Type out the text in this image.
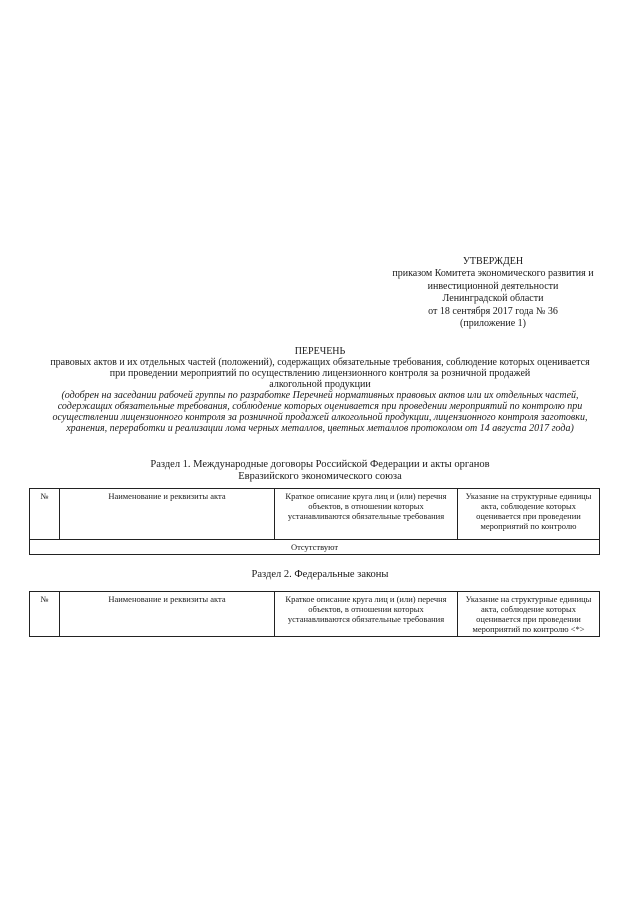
УТВЕРЖДЕН
приказом Комитета экономического развития и
инвестиционной деятельности
Ленинградской области
от 18 сентября 2017 года № 36
(приложение 1)
ПЕРЕЧЕНЬ
правовых актов и их отдельных частей (положений), содержащих обязательные требования, соблюдение которых оценивается
при проведении мероприятий по осуществлению лицензионного контроля за розничной продажей
алкогольной продукции
(одобрен на заседании рабочей группы по разработке Перечней нормативных правовых актов или их отдельных частей,
содержащих обязательные требования, соблюдение которых оценивается при проведении мероприятий по контролю при
осуществлении лицензионного контроля за розничной продажей алкогольной продукции, лицензионного контроля заготовки,
хранения, переработки и реализации лома черных металлов, цветных металлов протоколом от 14 августа 2017 года)
Раздел 1. Международные договоры Российской Федерации и акты органов
Евразийского экономического союза
№	Наименование и реквизиты акта	Краткое описание круга лиц и (или) перечня объектов, в отношении которых устанавливаются обязательные требования	Указание на структурные единицы акта, соблюдение которых оценивается при проведении мероприятий по контролю
Отсутствуют
Раздел 2. Федеральные законы
№	Наименование и реквизиты акта	Краткое описание круга лиц и (или) перечня объектов, в отношении которых устанавливаются обязательные требования	Указание на структурные единицы акта, соблюдение которых оценивается при проведении мероприятий по контролю <*>
